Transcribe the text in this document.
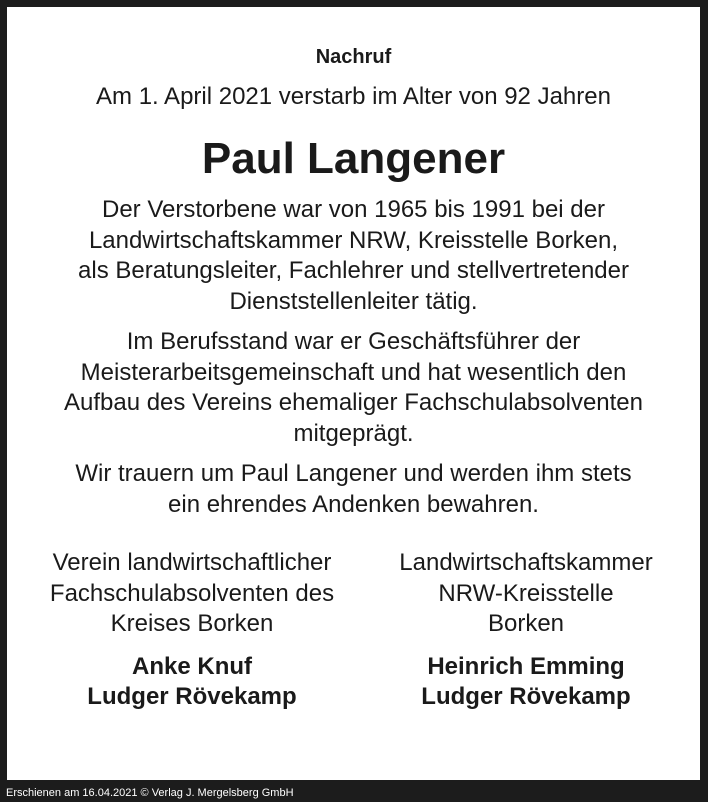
Nachruf
Am 1. April 2021 verstarb im Alter von 92 Jahren
Paul Langener
Der Verstorbene war von 1965 bis 1991 bei der
Landwirtschaftskammer NRW, Kreisstelle Borken,
als Beratungsleiter, Fachlehrer und stellvertretender
Dienststellenleiter tätig.
Im Berufsstand war er Geschäftsführer der
Meisterarbeitsgemeinschaft und hat wesentlich den
Aufbau des Vereins ehemaliger Fachschulabsolventen
mitgeprägt.
Wir trauern um Paul Langener und werden ihm stets
ein ehrendes Andenken bewahren.
Verein landwirtschaftlicher
Fachschulabsolventen des
Kreises Borken
Anke Knuf
Ludger Rövekamp
Landwirtschaftskammer
NRW-Kreisstelle
Borken
Heinrich Emming
Ludger Rövekamp
Erschienen am 16.04.2021 © Verlag J. Mergelsberg GmbH
